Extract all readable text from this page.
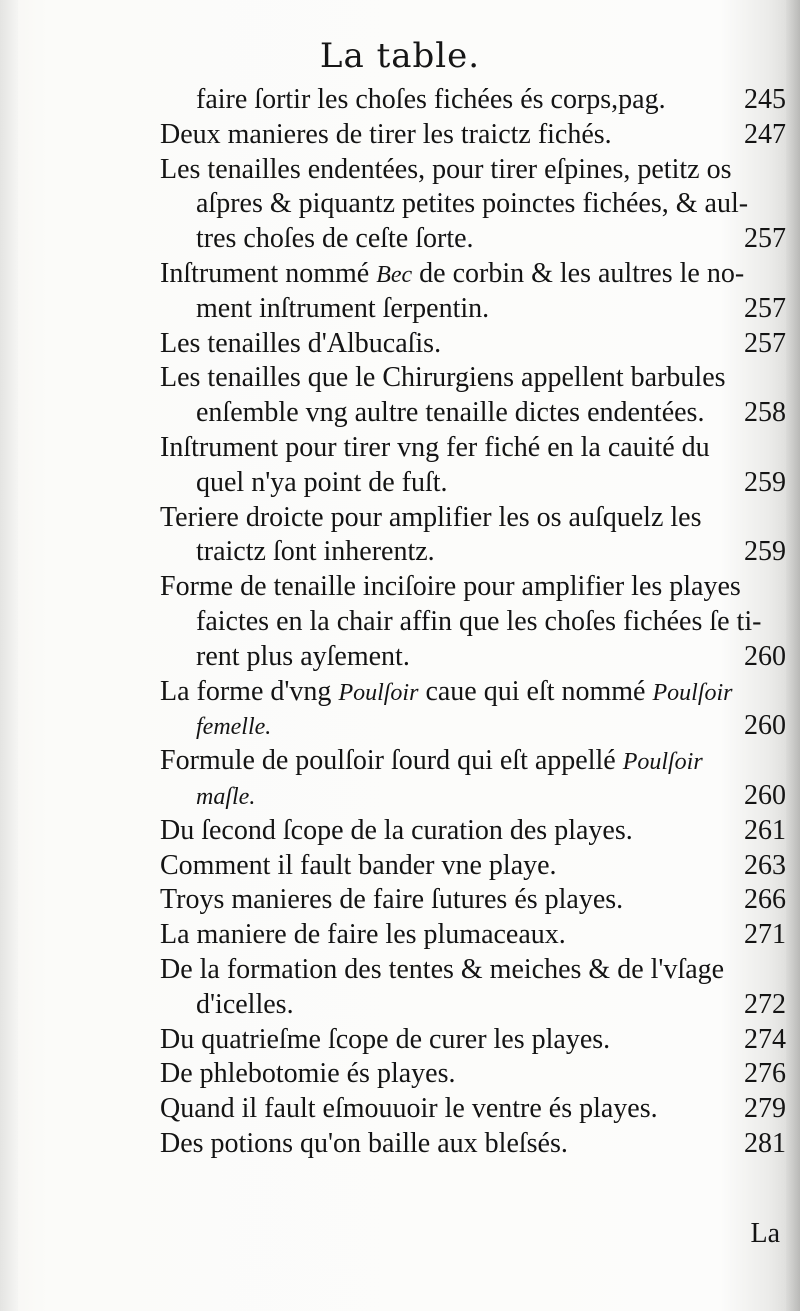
La table.
faire ſortir les choſes fichées és corps,pag.	245
Deux manieres de tirer les traictz fichés.	247
Les tenailles endentées, pour tirer eſpines, petitz os
aſpres & piquantz petites poinctes fichées, & aul-
tres choſes de ceſte ſorte.	257
Inſtrument nommé Bec de corbin & les aultres le no-
ment inſtrument ſerpentin.	257
Les tenailles d'Albucaſis.	257
Les tenailles que le Chirurgiens appellent barbules
enſemble vng aultre tenaille dictes endentées. 258
Inſtrument pour tirer vng fer fiché en la cauité du
quel n'ya point de fuſt.	259
Teriere droicte pour amplifier les os auſquelz les
traictz ſont inherentz.	259
Forme de tenaille inciſoire pour amplifier les playes
faictes en la chair affin que les choſes fichées ſe ti-
rent plus ayſement.	260
La forme d'vng Poulſoir caue qui eſt nommé Poulſoir
femelle.	260
Formule de poulſoir ſourd qui eſt appellé Poulſoir
maſle.	260
Du ſecond ſcope de la curation des playes.	261
Comment il fault bander vne playe.	263
Troys manieres de faire ſutures és playes.	266
La maniere de faire les plumaceaux.	271
De la formation des tentes & meiches & de l'vſage
d'icelles.	272
Du quatrieſme ſcope de curer les playes.	274
De phlebotomie és playes.	276
Quand il fault eſmouuoir le ventre és playes.	279
Des potions qu'on baille aux bleſsés.	281
La
